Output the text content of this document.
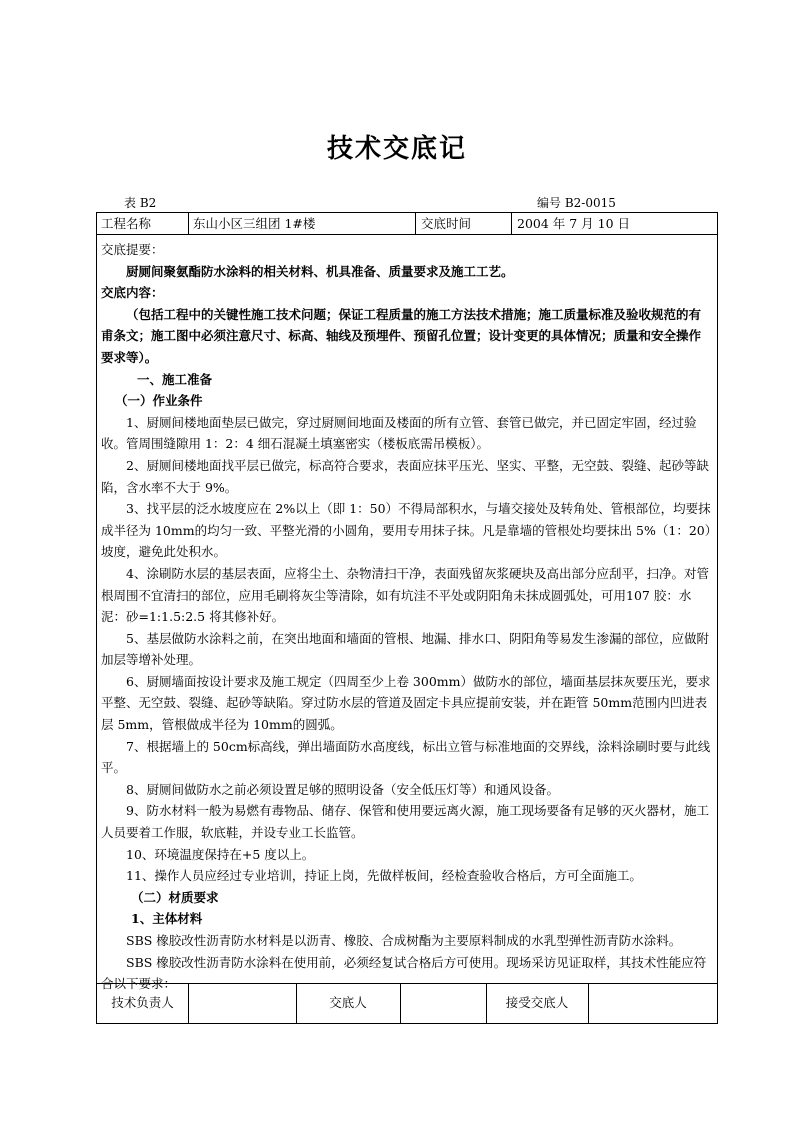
技术交底记
表 B2	编号 B2-0015
工程名称	东山小区三组团 1#楼	交底时间	2004 年 7 月 10 日

交底提要：

厨厕间聚氨酯防水涂料的相关材料、机具准备、质量要求及施工工艺。

交底内容：

（包括工程中的关键性施工技术问题；保证工程质量的施工方法技术措施；施工质量标准及验收规范的有甫条文；施工图中必须注意尺寸、标高、轴线及预埋件、预留孔位置；设计变更的具体情况；质量和安全操作要求等）。

一、施工准备

（一）作业条件

1、厨厕间楼地面垫层已做完，穿过厨厕间地面及楼面的所有立管、套管已做完，并已固定牢固，经过验收。管周围缝隙用 1：2：4 细石混凝土填塞密实（楼板底需吊模板）。

2、厨厕间楼地面找平层已做完，标高符合要求，表面应抹平压光、坚实、平整，无空鼓、裂缝、起砂等缺陷，含水率不大于 9%。

3、找平层的泛水坡度应在 2%以上（即 1：50）不得局部积水，与墙交接处及转角处、管根部位，均要抹成半径为 10mm的均匀一致、平整光滑的小圆角，要用专用抹子抹。凡是靠墙的管根处均要抹出 5%（1：20）坡度，避免此处积水。

4、涂刷防水层的基层表面，应将尘土、杂物清扫干净，表面残留灰浆硬块及高出部分应刮平，扫净。对管根周围不宜清扫的部位，应用毛刷将灰尘等清除，如有坑洼不平处或阴阳角未抹成圆弧处，可用107 胶：水泥：砂=1:1.5:2.5 将其修补好。

5、基层做防水涂料之前，在突出地面和墙面的管根、地漏、排水口、阴阳角等易发生渗漏的部位，应做附加层等增补处理。

6、厨厕墙面按设计要求及施工规定（四周至少上卷 300mm）做防水的部位，墙面基层抹灰要压光，要求平整、无空鼓、裂缝、起砂等缺陷。穿过防水层的管道及固定卡具应提前安装，并在距管 50mm范围内凹进表层 5mm，管根做成半径为 10mm的圆弧。

7、根据墙上的 50cm标高线，弹出墙面防水高度线，标出立管与标准地面的交界线，涂料涂刷时要与此线平。

8、厨厕间做防水之前必须设置足够的照明设备（安全低压灯等）和通风设备。

9、防水材料一般为易燃有毒物品、储存、保管和使用要远离火源，施工现场要备有足够的灭火器材，施工人员要着工作服，软底鞋，并设专业工长监管。

10、环境温度保持在+5 度以上。

11、操作人员应经过专业培训，持证上岗，先做样板间，经检查验收合格后，方可全面施工。

（二）材质要求

1、主体材料

SBS 橡胶改性沥青防水材料是以沥青、橡胶、合成树酯为主要原料制成的水乳型弹性沥青防水涂料。

SBS 橡胶改性沥青防水涂料在使用前，必须经复试合格后方可使用。现场采访见证取样，其技术性能应符合以下要求：

技术负责人	交底人	接受交底人
